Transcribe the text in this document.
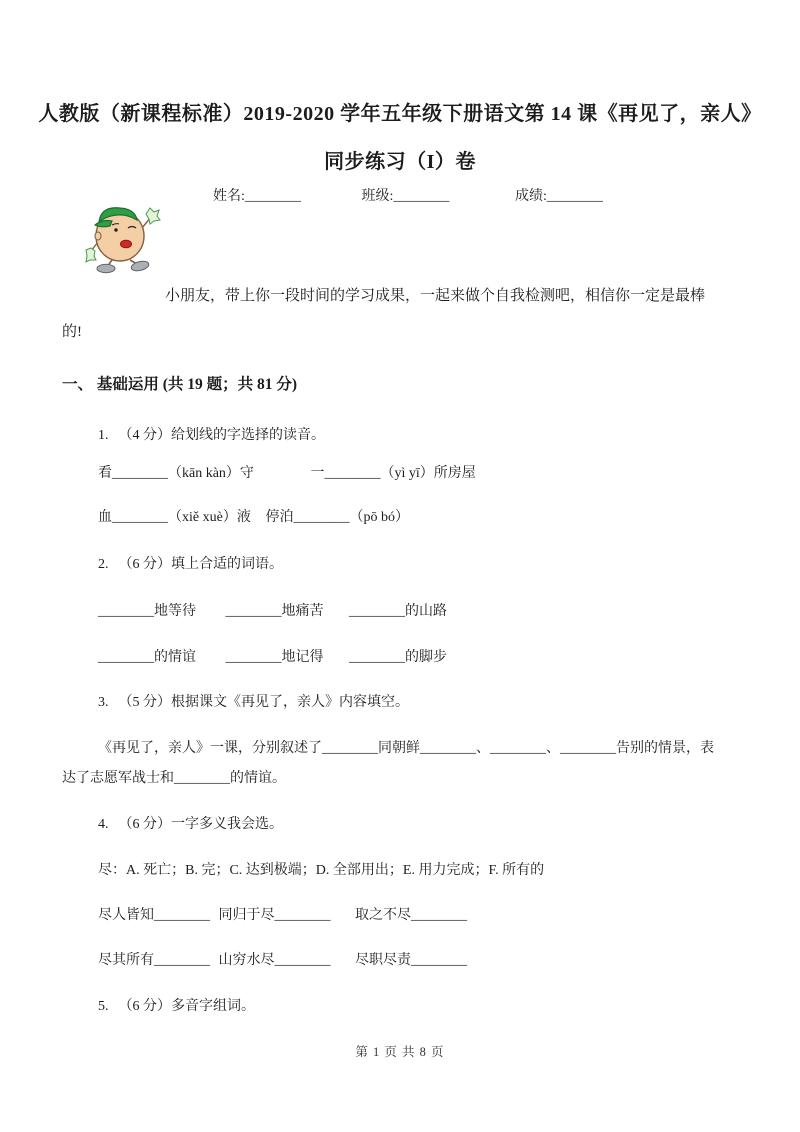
人教版（新课程标准）2019-2020 学年五年级下册语文第 14 课《再见了，亲人》
同步练习（I）卷
姓名:________	班级:________	成绩:________
小朋友，带上你一段时间的学习成果，一起来做个自我检测吧，相信你一定是最棒
的!
一、 基础运用 (共 19 题；共 81 分)
1. （4 分）给划线的字选择的读音。
看________（kān kàn）守	一________（yì yī）所房屋
血________（xiě xuè）液 停泊________（pō bó）
2. （6 分）填上合适的词语。
________地等待 ________地痛苦 ________的山路
________的情谊 ________地记得 ________的脚步
3. （5 分）根据课文《再见了，亲人》内容填空。
《再见了，亲人》一课，分别叙述了________同朝鲜________、________、________告别的情景，表
达了志愿军战士和________的情谊。
4. （6 分）一字多义我会选。
尽：A. 死亡；B. 完；C. 达到极端；D. 全部用出；E. 用力完成；F. 所有的
尽人皆知________ 同归于尽________ 取之不尽________
尽其所有________ 山穷水尽________ 尽职尽责________
5. （6 分）多音字组词。
第 1 页 共 8 页
